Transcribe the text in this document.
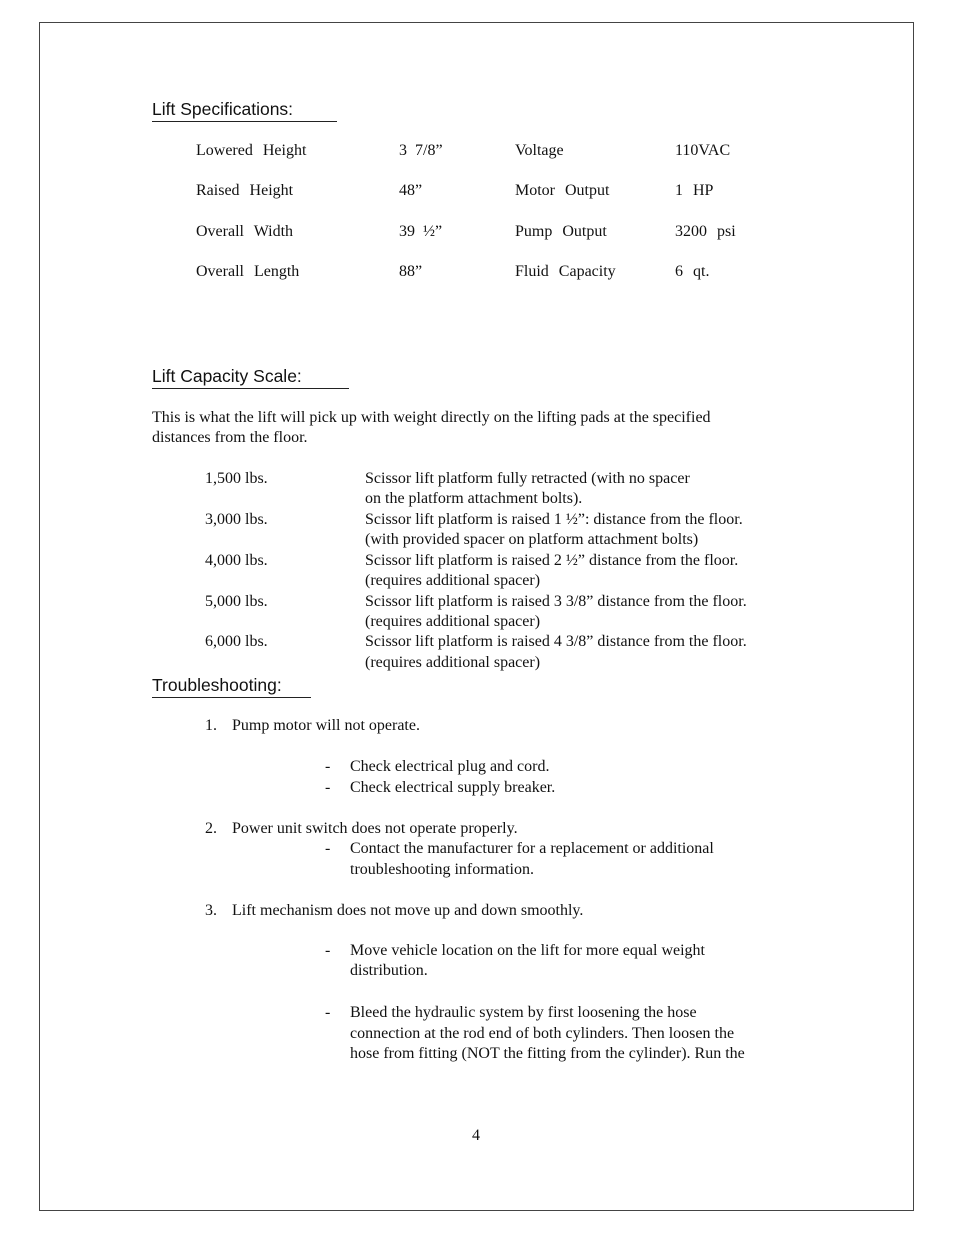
Lift Specifications:
Lowered Height	3 7/8”	Voltage	110VAC
Raised Height	48”	Motor Output	1 HP
Overall Width	39 ½”	Pump Output	3200 psi
Overall Length	88”	Fluid Capacity	6 qt.
Lift Capacity Scale:
This is what the lift will pick up with weight directly on the lifting pads at the specified
distances from the floor.
1,500 lbs.	Scissor lift platform fully retracted (with no spacer
on the platform attachment bolts).
3,000 lbs.	Scissor lift platform is raised 1 ½”: distance from the floor.
(with provided spacer on platform attachment bolts)
4,000 lbs.	Scissor lift platform is raised 2 ½” distance from the floor.
(requires additional spacer)
5,000 lbs.	Scissor lift platform is raised 3 3/8” distance from the floor.
(requires additional spacer)
6,000 lbs.	Scissor lift platform is raised 4 3/8” distance from the floor.
(requires additional spacer)
Troubleshooting:
1. Pump motor will not operate.
- Check electrical plug and cord.
- Check electrical supply breaker.
2. Power unit switch does not operate properly.
- Contact the manufacturer for a replacement or additional
troubleshooting information.
3. Lift mechanism does not move up and down smoothly.
- Move vehicle location on the lift for more equal weight
distribution.
- Bleed the hydraulic system by first loosening the hose
connection at the rod end of both cylinders. Then loosen the
hose from fitting (NOT the fitting from the cylinder). Run the
4
